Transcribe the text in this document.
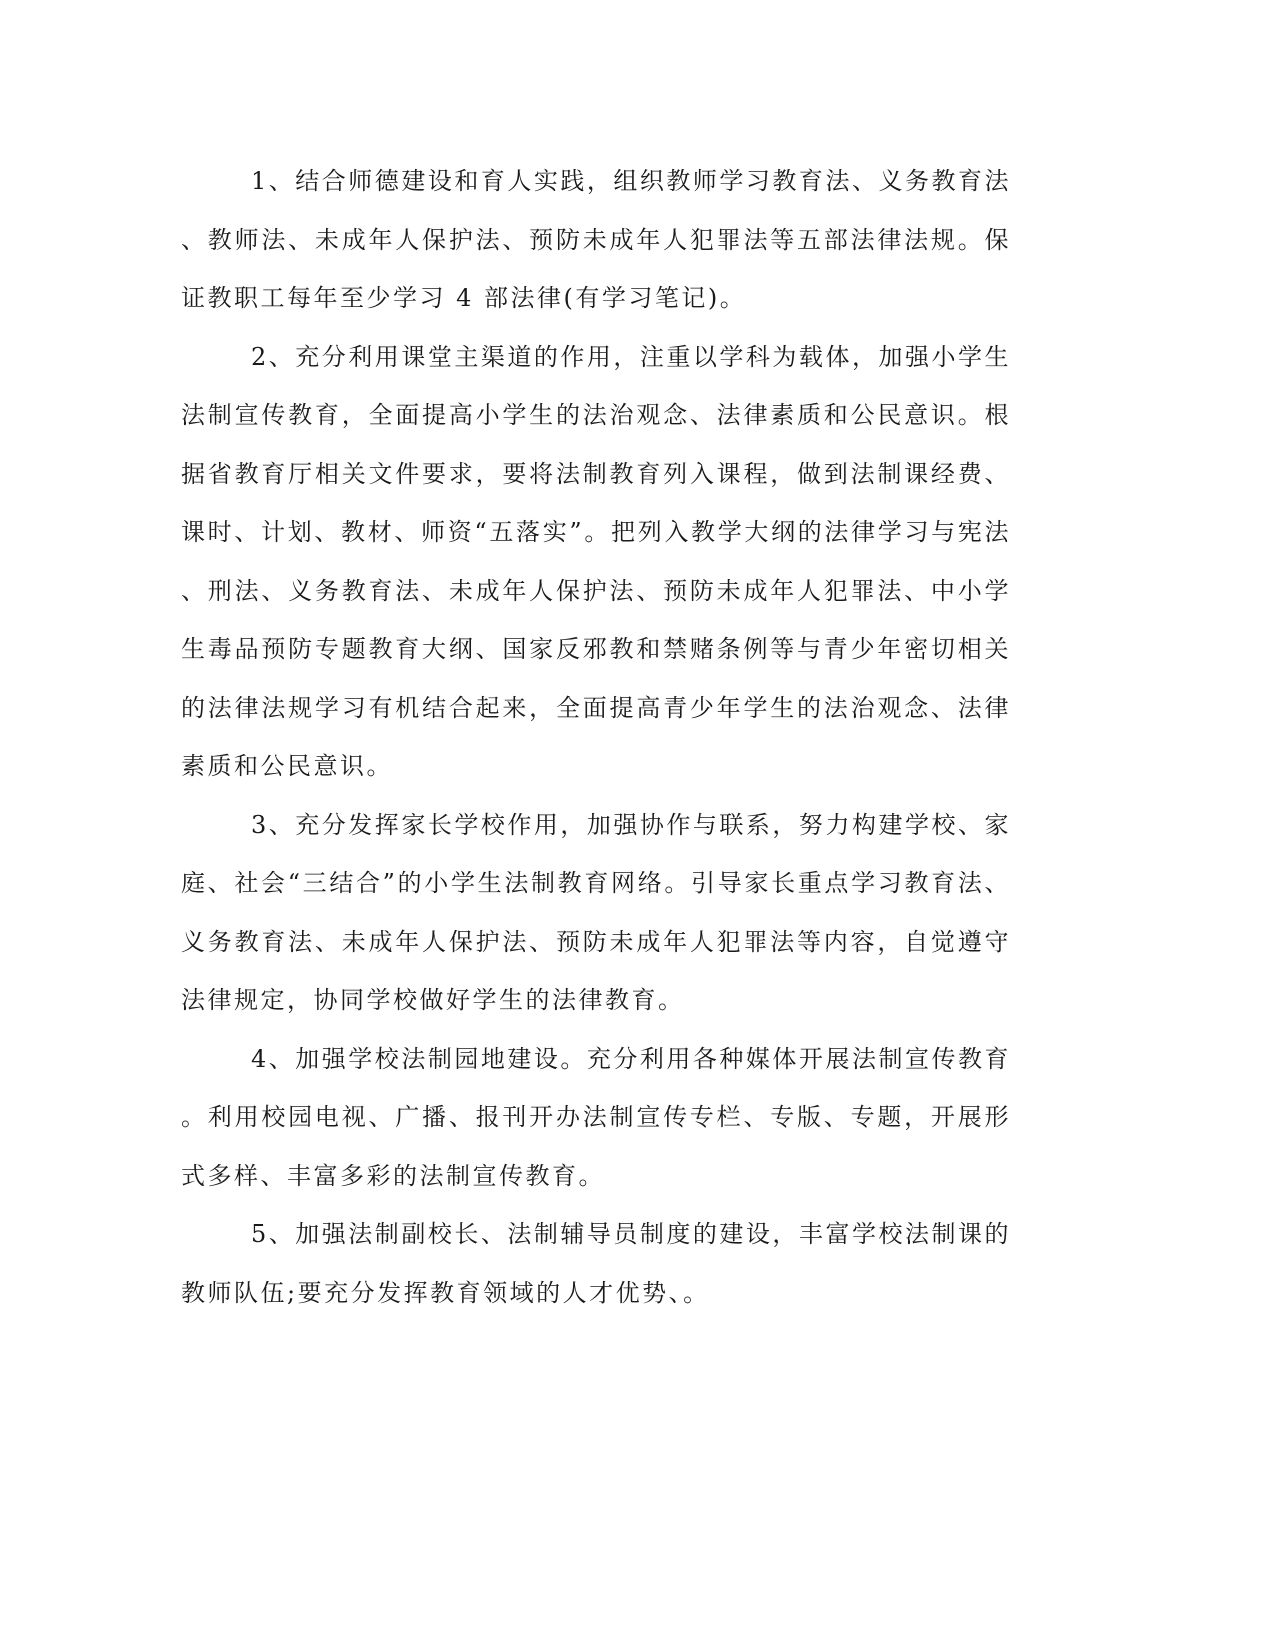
1、结合师德建设和育人实践，组织教师学习教育法、义务教育法、教师法、未成年人保护法、预防未成年人犯罪法等五部法律法规。保证教职工每年至少学习 4 部法律(有学习笔记)。

2、充分利用课堂主渠道的作用，注重以学科为载体，加强小学生法制宣传教育，全面提高小学生的法治观念、法律素质和公民意识。根据省教育厅相关文件要求，要将法制教育列入课程，做到法制课经费、课时、计划、教材、师资“五落实”。把列入教学大纲的法律学习与宪法、刑法、义务教育法、未成年人保护法、预防未成年人犯罪法、中小学生毒品预防专题教育大纲、国家反邪教和禁赌条例等与青少年密切相关的法律法规学习有机结合起来，全面提高青少年学生的法治观念、法律素质和公民意识。

3、充分发挥家长学校作用，加强协作与联系，努力构建学校、家庭、社会“三结合”的小学生法制教育网络。引导家长重点学习教育法、义务教育法、未成年人保护法、预防未成年人犯罪法等内容，自觉遵守法律规定，协同学校做好学生的法律教育。

4、加强学校法制园地建设。充分利用各种媒体开展法制宣传教育。利用校园电视、广播、报刊开办法制宣传专栏、专版、专题，开展形式多样、丰富多彩的法制宣传教育。

5、加强法制副校长、法制辅导员制度的建设，丰富学校法制课的教师队伍;要充分发挥教育领域的人才优势、。
